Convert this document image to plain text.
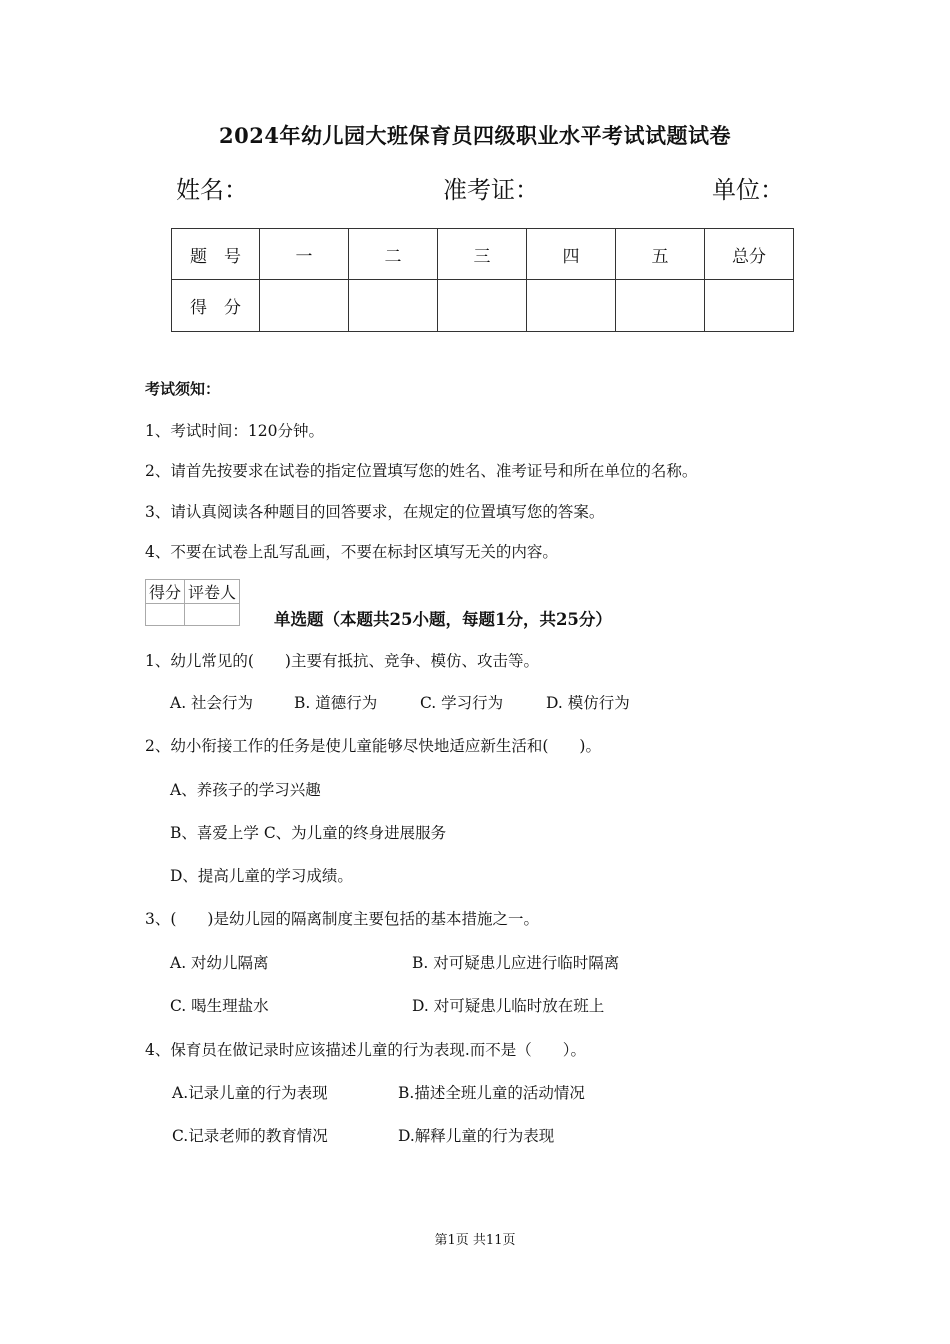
2024年幼儿园大班保育员四级职业水平考试试题试卷
姓名：	准考证：	单位：
题　号	一	二	三	四	五	总分
得　分						
考试须知：
1、考试时间：120分钟。
2、请首先按要求在试卷的指定位置填写您的姓名、准考证号和所在单位的名称。
3、请认真阅读各种题目的回答要求，在规定的位置填写您的答案。
4、不要在试卷上乱写乱画，不要在标封区填写无关的内容。
得分	评卷人

单选题（本题共25小题，每题1分，共25分）
1、幼儿常见的(　　)主要有抵抗、竞争、模仿、攻击等。
A. 社会行为	B. 道德行为	C. 学习行为	D. 模仿行为
2、幼小衔接工作的任务是使儿童能够尽快地适应新生活和(　　)。
A、养孩子的学习兴趣
B、喜爱上学 C、为儿童的终身进展服务
D、提高儿童的学习成绩。
3、(　　)是幼儿园的隔离制度主要包括的基本措施之一。
A. 对幼儿隔离	B. 对可疑患儿应进行临时隔离
C. 喝生理盐水	D. 对可疑患儿临时放在班上
4、保育员在做记录时应该描述儿童的行为表现.而不是（　　）。
A.记录儿童的行为表现	B.描述全班儿童的活动情况
C.记录老师的教育情况	D.解释儿童的行为表现
第1页 共11页
